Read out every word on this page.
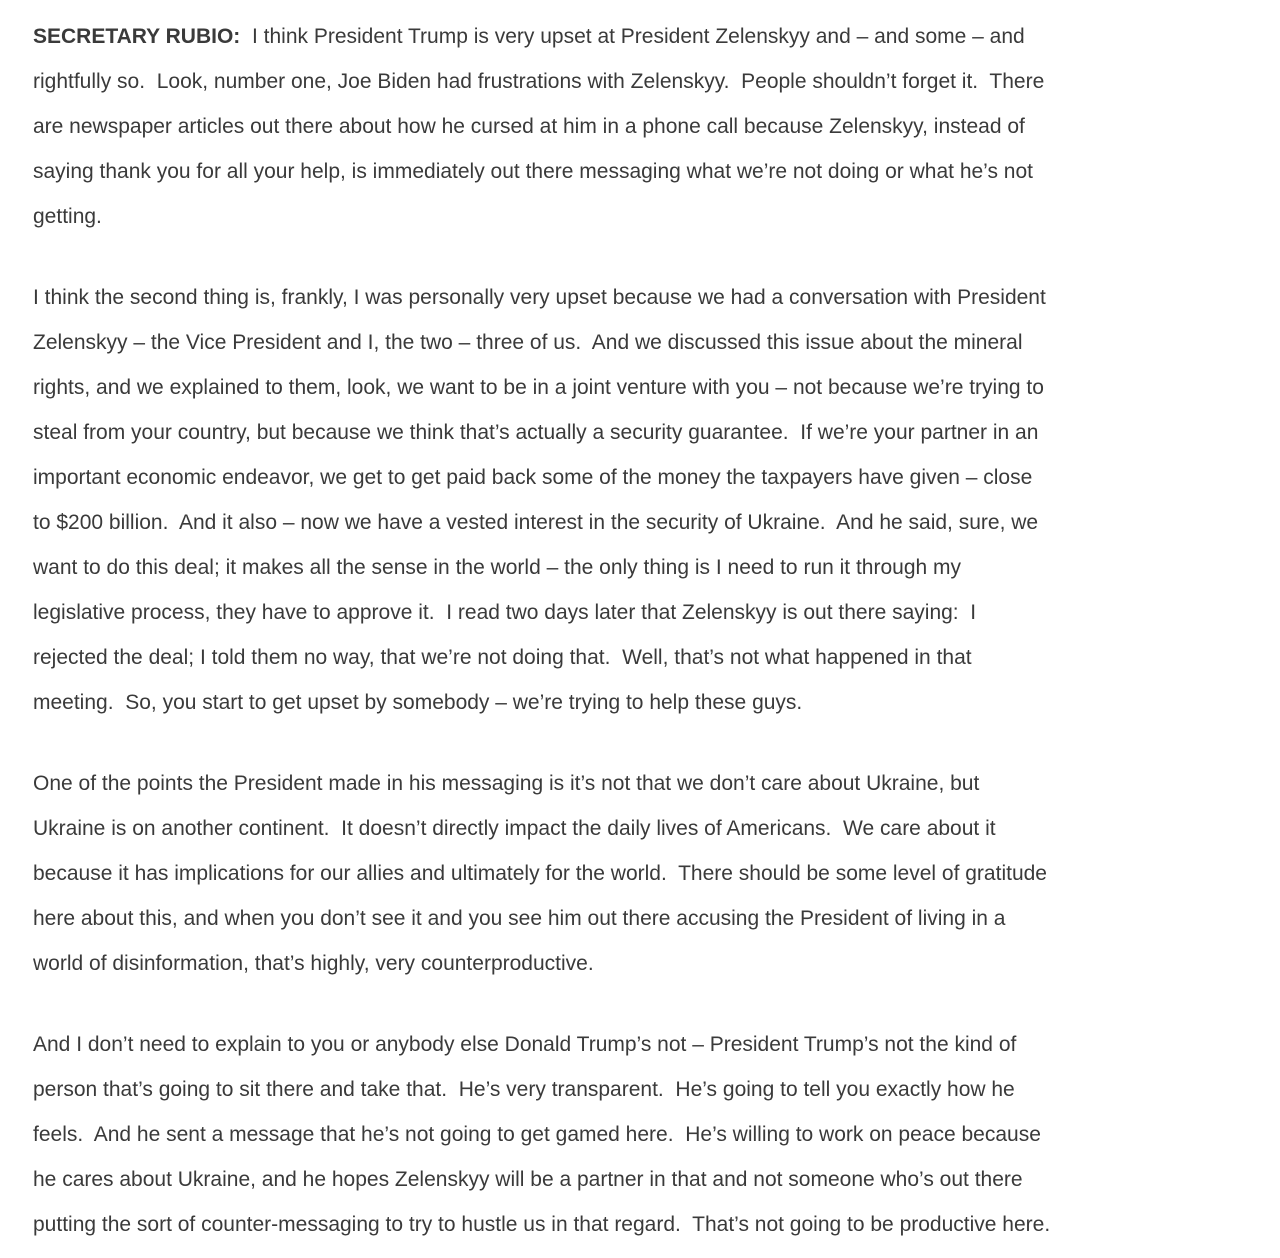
SECRETARY RUBIO:  I think President Trump is very upset at President Zelenskyy and – and some – and
rightfully so.  Look, number one, Joe Biden had frustrations with Zelenskyy.  People shouldn’t forget it.  There
are newspaper articles out there about how he cursed at him in a phone call because Zelenskyy, instead of
saying thank you for all your help, is immediately out there messaging what we’re not doing or what he’s not
getting.
I think the second thing is, frankly, I was personally very upset because we had a conversation with President
Zelenskyy – the Vice President and I, the two – three of us.  And we discussed this issue about the mineral
rights, and we explained to them, look, we want to be in a joint venture with you – not because we’re trying to
steal from your country, but because we think that’s actually a security guarantee.  If we’re your partner in an
important economic endeavor, we get to get paid back some of the money the taxpayers have given – close
to $200 billion.  And it also – now we have a vested interest in the security of Ukraine.  And he said, sure, we
want to do this deal; it makes all the sense in the world – the only thing is I need to run it through my
legislative process, they have to approve it.  I read two days later that Zelenskyy is out there saying:  I
rejected the deal; I told them no way, that we’re not doing that.  Well, that’s not what happened in that
meeting.  So, you start to get upset by somebody – we’re trying to help these guys.
One of the points the President made in his messaging is it’s not that we don’t care about Ukraine, but
Ukraine is on another continent.  It doesn’t directly impact the daily lives of Americans.  We care about it
because it has implications for our allies and ultimately for the world.  There should be some level of gratitude
here about this, and when you don’t see it and you see him out there accusing the President of living in a
world of disinformation, that’s highly, very counterproductive.
And I don’t need to explain to you or anybody else Donald Trump’s not – President Trump’s not the kind of
person that’s going to sit there and take that.  He’s very transparent.  He’s going to tell you exactly how he
feels.  And he sent a message that he’s not going to get gamed here.  He’s willing to work on peace because
he cares about Ukraine, and he hopes Zelenskyy will be a partner in that and not someone who’s out there
putting the sort of counter-messaging to try to hustle us in that regard.  That’s not going to be productive here.
